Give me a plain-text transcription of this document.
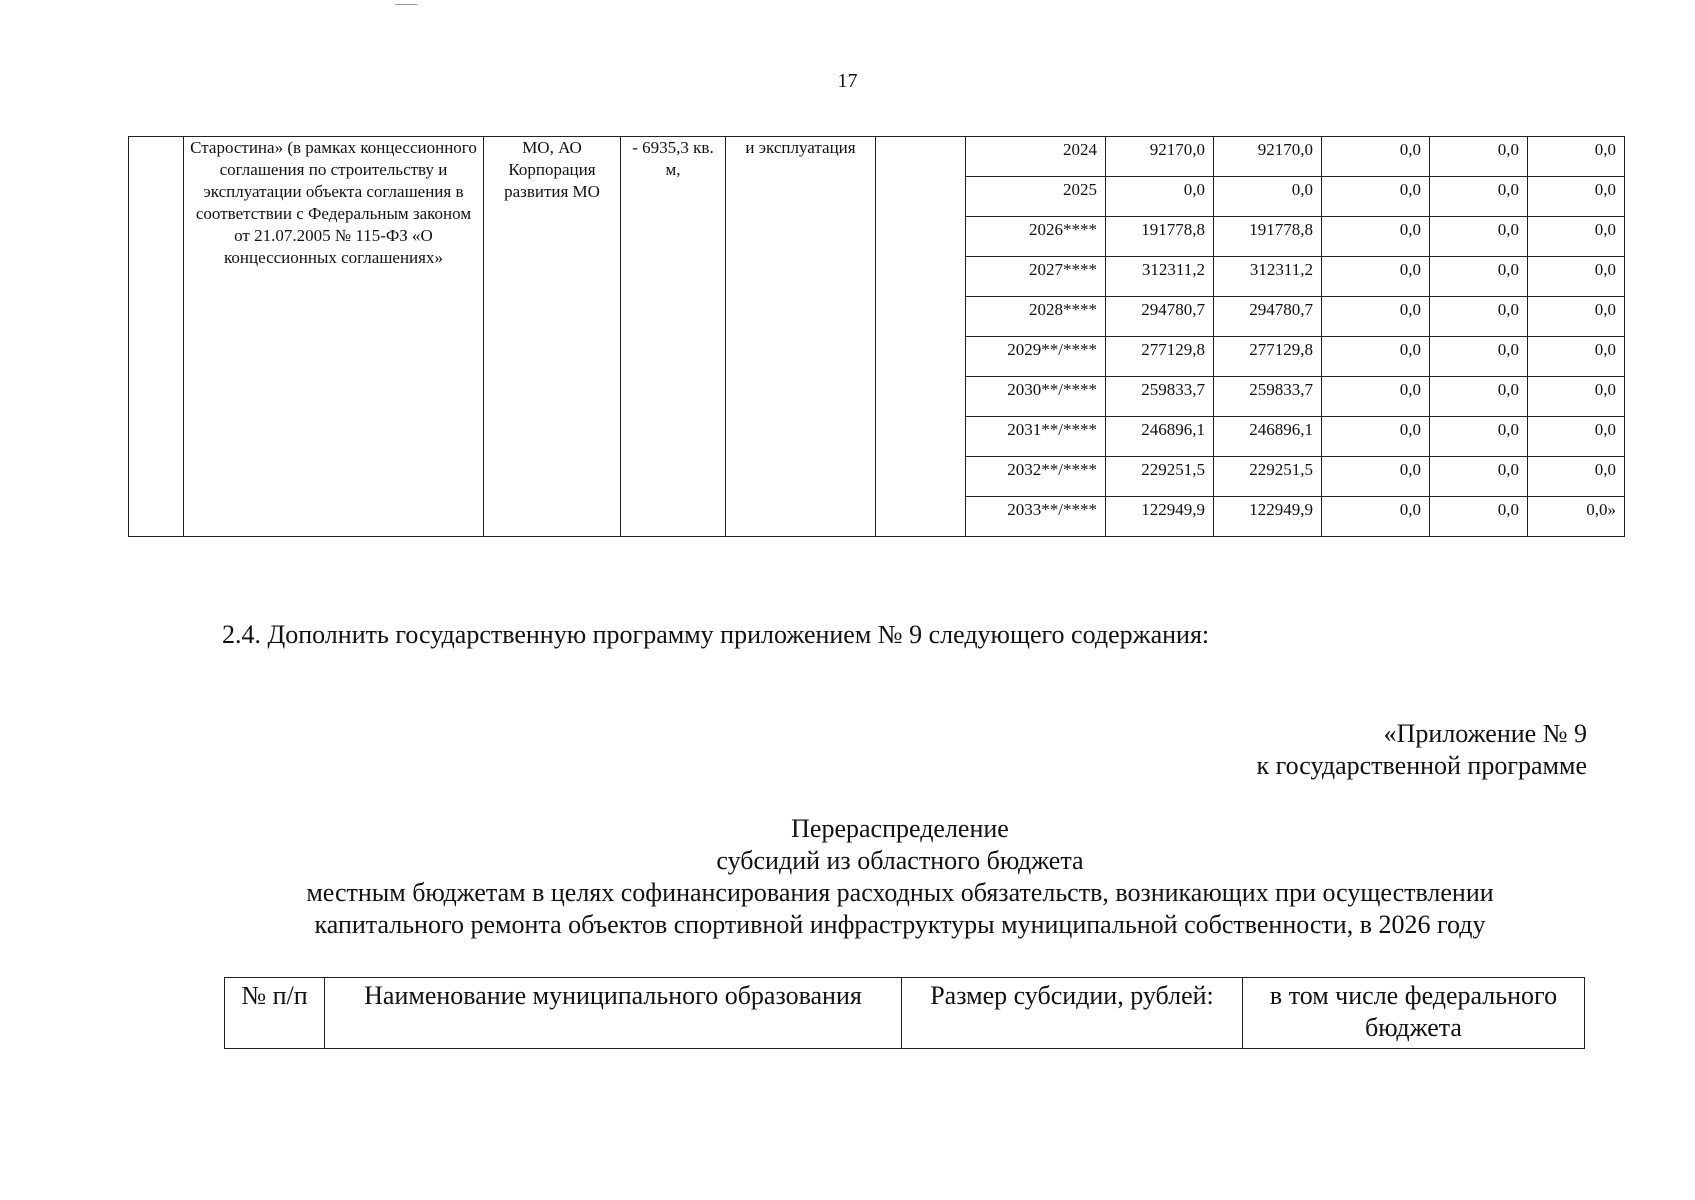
17
	Старостина» (в рамках концессионного соглашения по строительству и эксплуатации объекта соглашения в соответствии с Федеральным законом от 21.07.2005 № 115-ФЗ «О концессионных соглашениях»	МО, АО Корпорация развития МО	- 6935,3 кв. м,	и эксплуатация		2024	92170,0	92170,0	0,0	0,0	0,0
						2025	0,0	0,0	0,0	0,0	0,0
						2026****	191778,8	191778,8	0,0	0,0	0,0
						2027****	312311,2	312311,2	0,0	0,0	0,0
						2028****	294780,7	294780,7	0,0	0,0	0,0
						2029**/****	277129,8	277129,8	0,0	0,0	0,0
						2030**/****	259833,7	259833,7	0,0	0,0	0,0
						2031**/****	246896,1	246896,1	0,0	0,0	0,0
						2032**/****	229251,5	229251,5	0,0	0,0	0,0
						2033**/****	122949,9	122949,9	0,0	0,0	0,0»
2.4. Дополнить государственную программу приложением № 9 следующего содержания:
«Приложение № 9
к государственной программе
Перераспределение
субсидий из областного бюджета
местным бюджетам в целях софинансирования расходных обязательств, возникающих при осуществлении
капитального ремонта объектов спортивной инфраструктуры муниципальной собственности, в 2026 году
№ п/п	Наименование муниципального образования	Размер субсидии, рублей:	в том числе федерального бюджета
